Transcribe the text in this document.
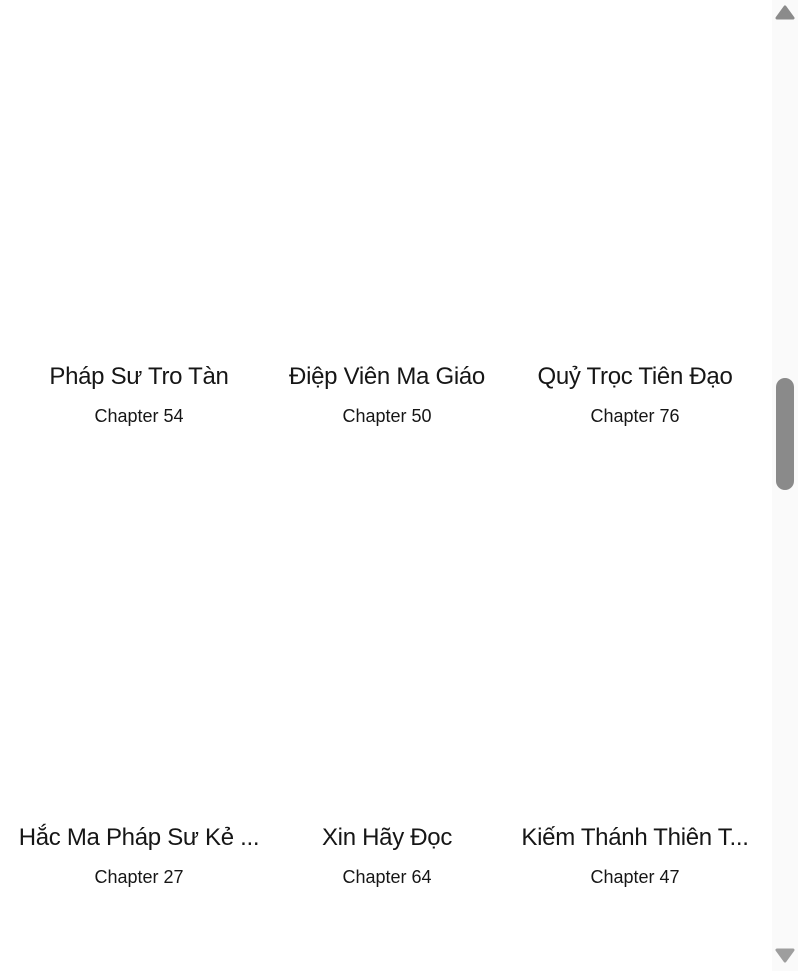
Pháp Sư Tro Tàn
Chapter 54
Điệp Viên Ma Giáo
Chapter 50
Quỷ Trọc Tiên Đạo
Chapter 76
Hắc Ma Pháp Sư Kẻ ...
Chapter 27
Xin Hãy Đọc
Chapter 64
Kiếm Thánh Thiên T...
Chapter 47
